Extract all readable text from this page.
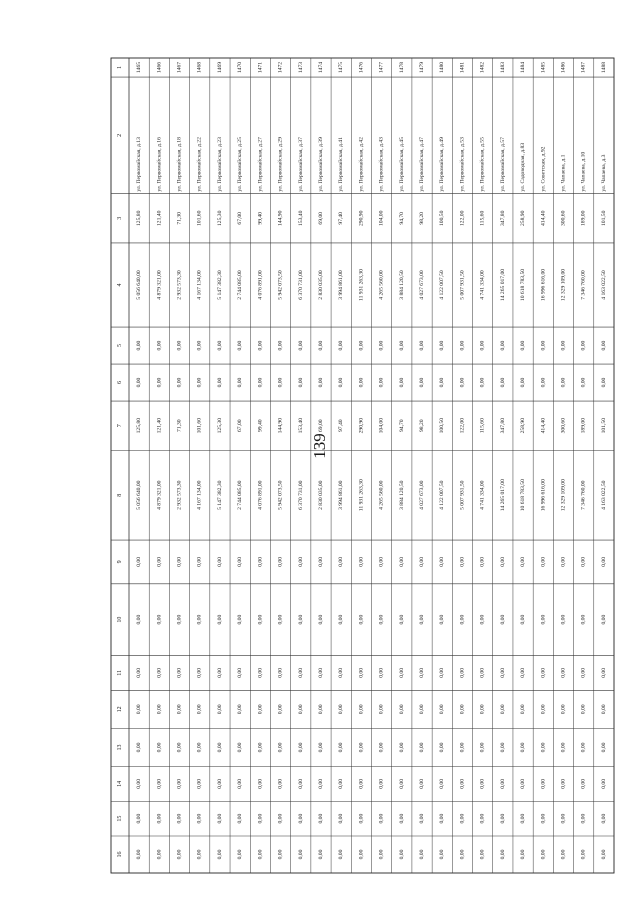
139
1
2
3
4
5
6
7
8
9
10
11
12
13
14
15
16
1465
ул. Первомайская, д.13
125,80
5 056 640,00
0,00
0,00
125,80
5 056 640,00
0,00
0,00
0,00
0,00
0,00
0,00
0,00
0,00
1466
ул. Первомайская, д.16
121,40
4 879 321,00
0,00
0,00
121,40
4 879 321,00
0,00
0,00
0,00
0,00
0,00
0,00
0,00
0,00
1467
ул. Первомайская, д.18
71,30
2 932 573,30
0,00
0,00
71,30
2 932 573,30
0,00
0,00
0,00
0,00
0,00
0,00
0,00
0,00
1468
ул. Первомайская, д.22
101,60
4 167 134,00
0,00
0,00
101,60
4 167 134,00
0,00
0,00
0,00
0,00
0,00
0,00
0,00
0,00
1469
ул. Первомайская, д.23
125,30
5 147 382,30
0,00
0,00
125,30
5 147 382,30
0,00
0,00
0,00
0,00
0,00
0,00
0,00
0,00
1470
ул. Первомайская, д.25
67,00
2 744 085,00
0,00
0,00
67,00
2 744 085,00
0,00
0,00
0,00
0,00
0,00
0,00
0,00
0,00
1471
ул. Первомайская, д.27
99,40
4 076 891,00
0,00
0,00
99,40
4 076 891,00
0,00
0,00
0,00
0,00
0,00
0,00
0,00
0,00
1472
ул. Первомайская, д.29
144,90
5 942 073,50
0,00
0,00
144,90
5 942 073,50
0,00
0,00
0,00
0,00
0,00
0,00
0,00
0,00
1473
ул. Первомайская, д.37
153,40
6 370 731,00
0,00
0,00
153,40
6 370 731,00
0,00
0,00
0,00
0,00
0,00
0,00
0,00
0,00
1474
ул. Первомайская, д.39
69,00
2 830 035,00
0,00
0,00
69,00
2 830 035,00
0,00
0,00
0,00
0,00
0,00
0,00
0,00
0,00
1475
ул. Первомайская, д.41
97,40
3 994 861,00
0,00
0,00
97,40
3 994 861,00
0,00
0,00
0,00
0,00
0,00
0,00
0,00
0,00
1476
ул. Первомайская, д.42
290,90
11 931 263,30
0,00
0,00
290,90
11 931 263,30
0,00
0,00
0,00
0,00
0,00
0,00
0,00
0,00
1477
ул. Первомайская, д.43
104,00
4 265 560,00
0,00
0,00
104,00
4 265 560,00
0,00
0,00
0,00
0,00
0,00
0,00
0,00
0,00
1478
ул. Первомайская, д.45
94,70
3 884 120,50
0,00
0,00
94,70
3 884 120,50
0,00
0,00
0,00
0,00
0,00
0,00
0,00
0,00
1479
ул. Первомайская, д.47
98,20
4 027 673,00
0,00
0,00
98,20
4 027 673,00
0,00
0,00
0,00
0,00
0,00
0,00
0,00
0,00
1480
ул. Первомайская, д.49
100,50
4 122 007,50
0,00
0,00
100,50
4 122 007,50
0,00
0,00
0,00
0,00
0,00
0,00
0,00
0,00
1481
ул. Первомайская, д.53
122,00
5 007 931,50
0,00
0,00
122,00
5 007 931,50
0,00
0,00
0,00
0,00
0,00
0,00
0,00
0,00
1482
ул. Первомайская, д.55
115,60
4 741 334,00
0,00
0,00
115,60
4 741 334,00
0,00
0,00
0,00
0,00
0,00
0,00
0,00
0,00
1483
ул. Первомайская, д.57
347,80
14 265 017,00
0,00
0,00
347,80
14 265 017,00
0,00
0,00
0,00
0,00
0,00
0,00
0,00
0,00
1484
ул. Садоводная, д.83
258,90
10 618 783,50
0,00
0,00
258,90
10 618 783,50
0,00
0,00
0,00
0,00
0,00
0,00
0,00
0,00
1485
ул. Советская, д.92
414,40
16 996 616,00
0,00
0,00
414,40
16 996 616,00
0,00
0,00
0,00
0,00
0,00
0,00
0,00
0,00
1486
ул. Чапаева, д.1
300,60
12 329 109,00
0,00
0,00
300,60
12 329 109,00
0,00
0,00
0,00
0,00
0,00
0,00
0,00
0,00
1487
ул. Чапаева, д.10
189,00
7 346 760,00
0,00
0,00
189,00
7 346 760,00
0,00
0,00
0,00
0,00
0,00
0,00
0,00
0,00
1488
ул. Чапаева, д.3
101,50
4 163 022,50
0,00
0,00
101,50
4 163 022,50
0,00
0,00
0,00
0,00
0,00
0,00
0,00
0,00
